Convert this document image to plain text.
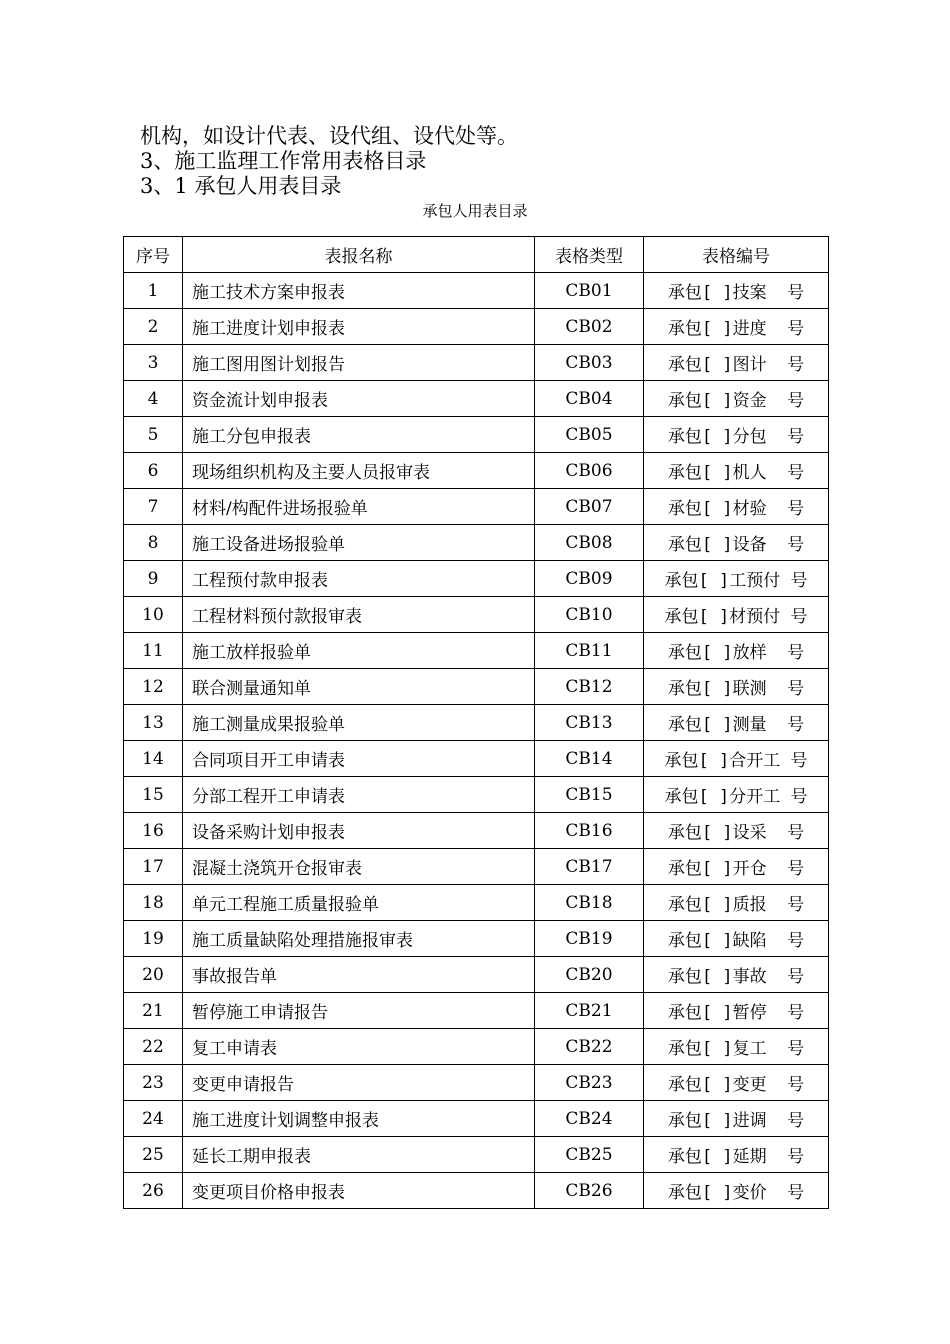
机构，如设计代表、设代组、设代处等。
3、施工监理工作常用表格目录
3、1 承包人用表目录
承包人用表目录
序号	表报名称	表格类型	表格编号
1	施工技术方案申报表	CB01	承包[ ]技案  号
2	施工进度计划申报表	CB02	承包[ ]进度  号
3	施工图用图计划报告	CB03	承包[ ]图计  号
4	资金流计划申报表	CB04	承包[ ]资金  号
5	施工分包申报表	CB05	承包[ ]分包  号
6	现场组织机构及主要人员报审表	CB06	承包[ ]机人  号
7	材料/构配件进场报验单	CB07	承包[ ]材验  号
8	施工设备进场报验单	CB08	承包[ ]设备  号
9	工程预付款申报表	CB09	承包[ ]工预付 号
10	工程材料预付款报审表	CB10	承包[ ]材预付 号
11	施工放样报验单	CB11	承包[ ]放样  号
12	联合测量通知单	CB12	承包[ ]联测  号
13	施工测量成果报验单	CB13	承包[ ]测量  号
14	合同项目开工申请表	CB14	承包[ ]合开工 号
15	分部工程开工申请表	CB15	承包[ ]分开工 号
16	设备采购计划申报表	CB16	承包[ ]设采  号
17	混凝土浇筑开仓报审表	CB17	承包[ ]开仓  号
18	单元工程施工质量报验单	CB18	承包[ ]质报  号
19	施工质量缺陷处理措施报审表	CB19	承包[ ]缺陷  号
20	事故报告单	CB20	承包[ ]事故  号
21	暂停施工申请报告	CB21	承包[ ]暂停  号
22	复工申请表	CB22	承包[ ]复工  号
23	变更申请报告	CB23	承包[ ]变更  号
24	施工进度计划调整申报表	CB24	承包[ ]进调  号
25	延长工期申报表	CB25	承包[ ]延期  号
26	变更项目价格申报表	CB26	承包[ ]变价  号
